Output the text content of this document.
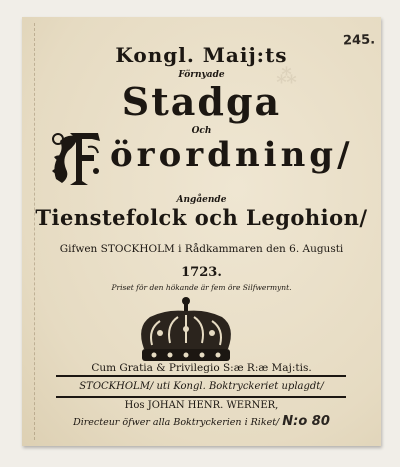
⁂
245.
Kongl. Maij:ts
Förnyade
Stadga
Och
örordning/
Angående
Tienstefolck och Legohion/
Gifwen STOCKHOLM i Rådkammaren den 6. Augusti
1723.
Priset för den hökande är fem öre Silfwermynt.
Cum Gratia & Privilegio S:æ R:æ Maj:tis.
STOCKHOLM/ uti Kongl. Boktryckeriet uplagdt/
Hos JOHAN HENR. WERNER,
Directeur öfwer alla Boktryckerien i Riket/ N:o 80
